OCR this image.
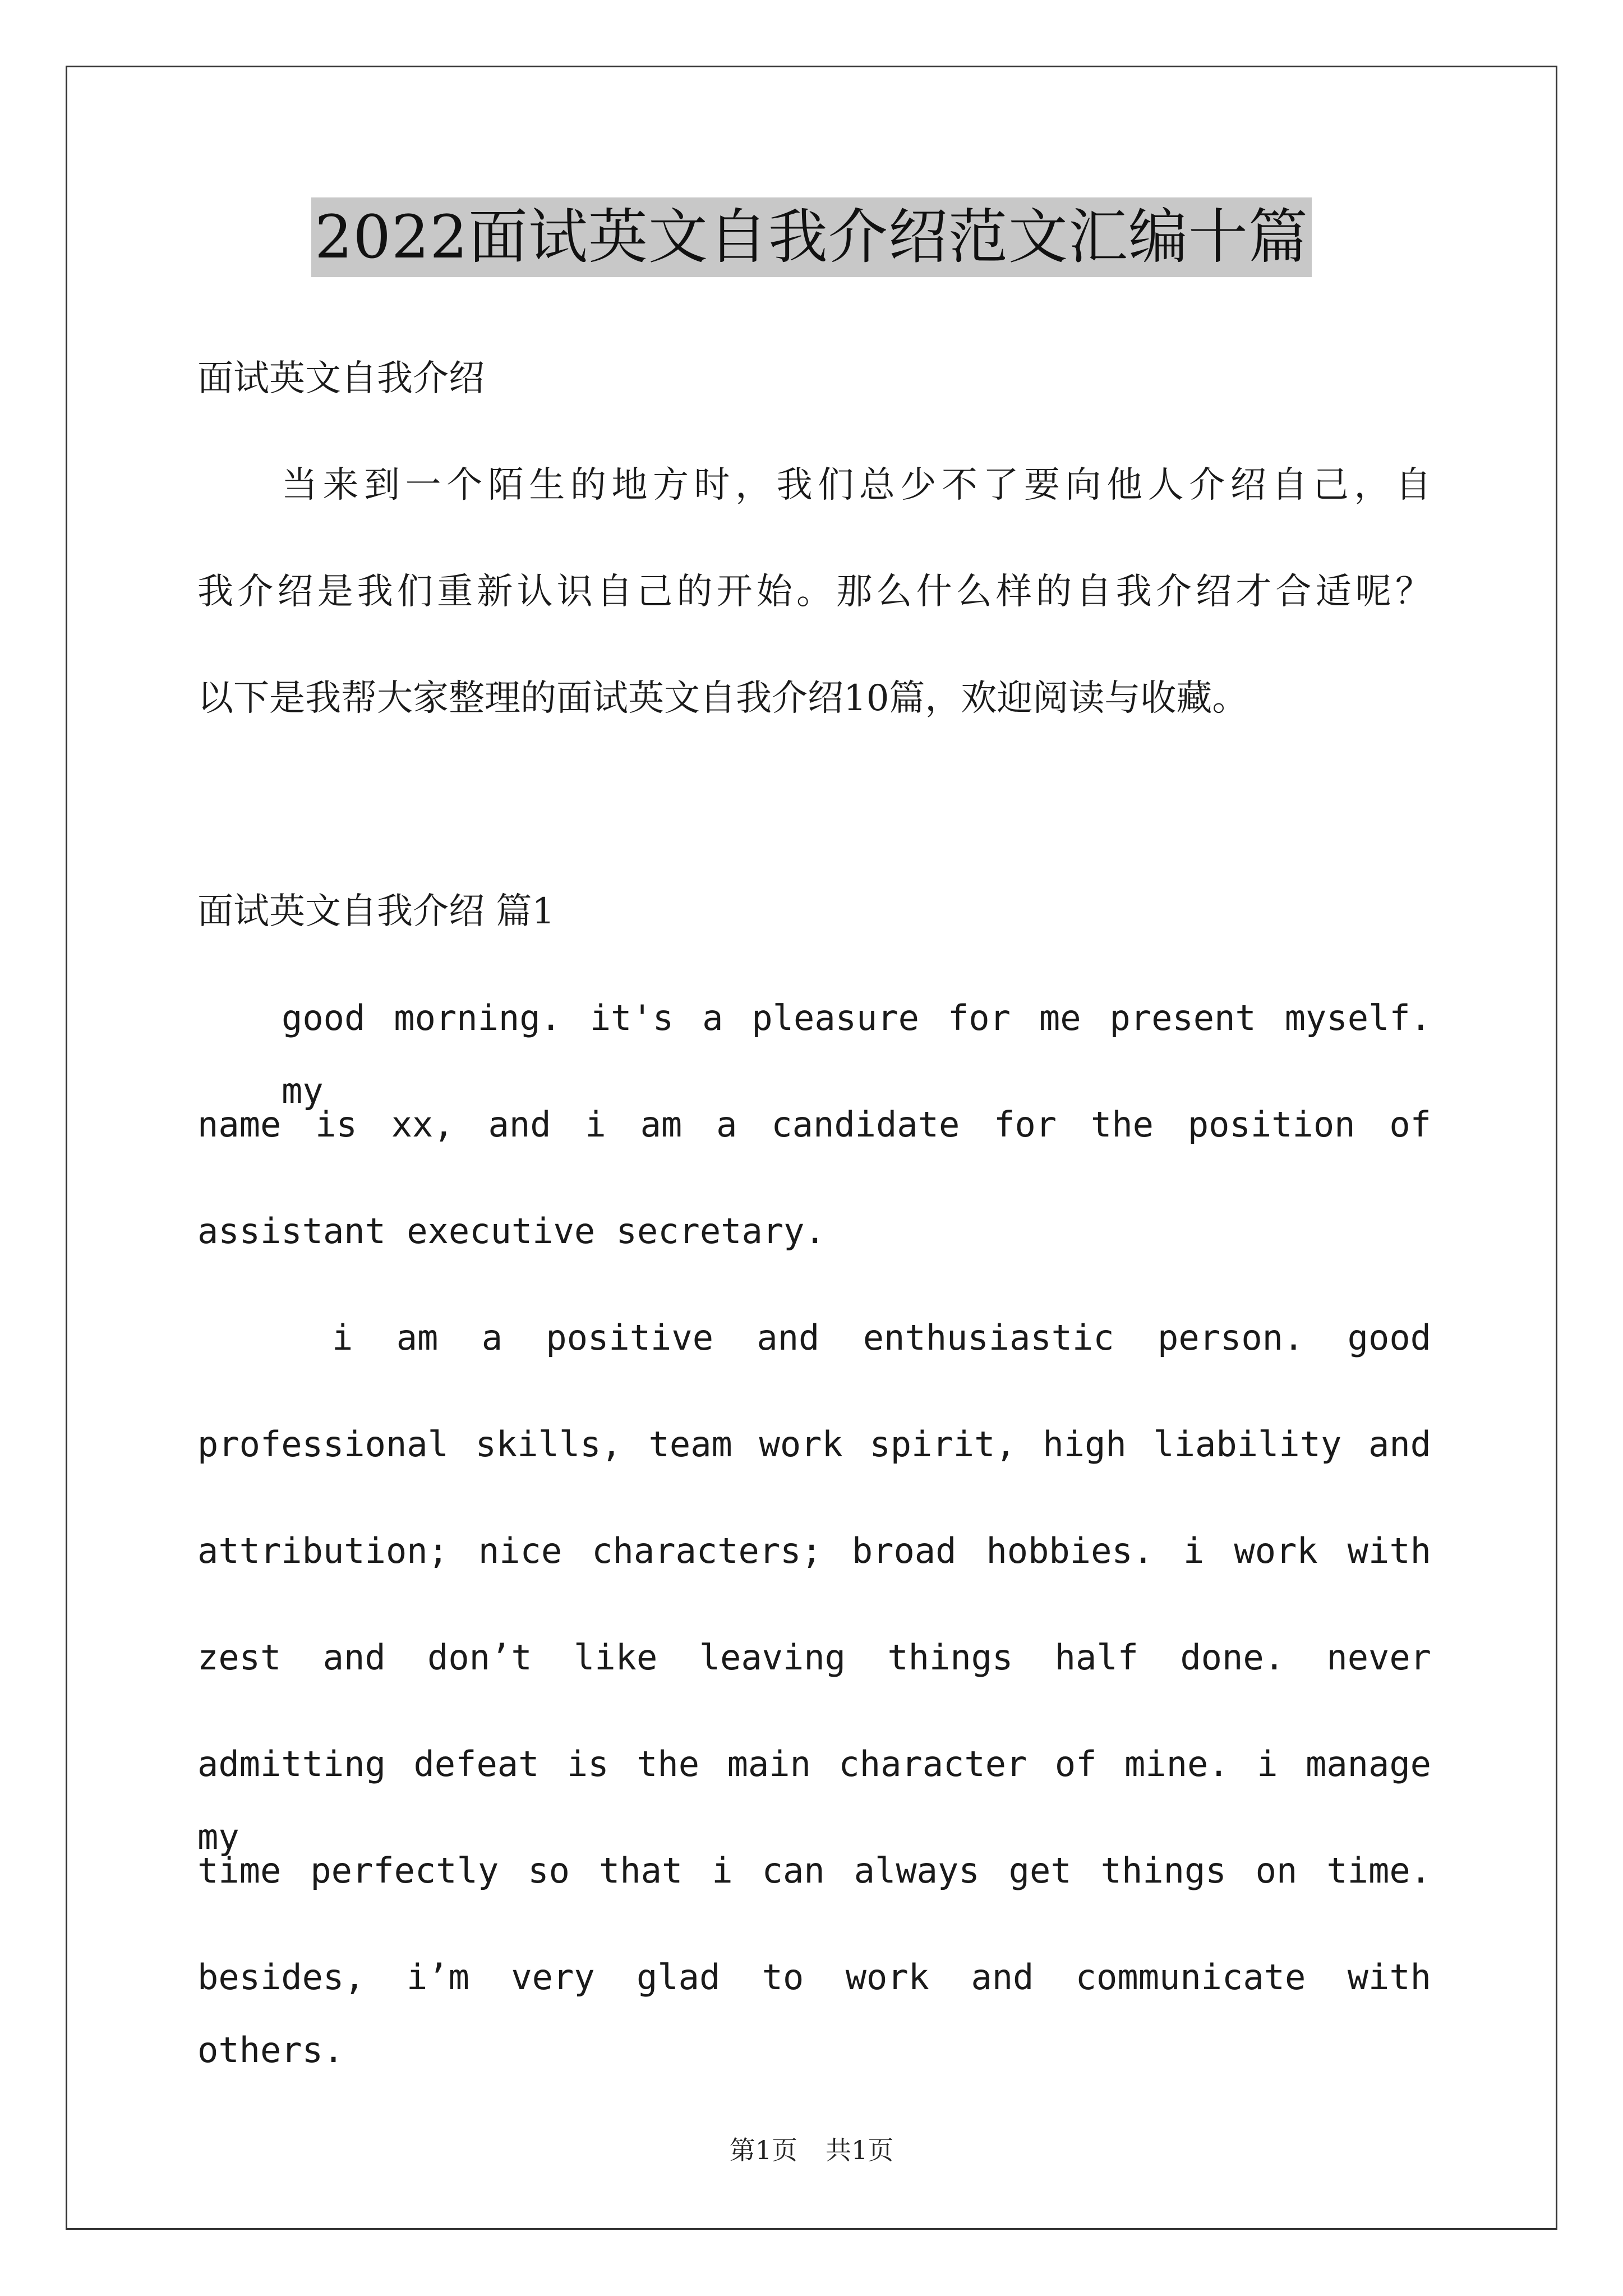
2022面试英文自我介绍范文汇编十篇
面试英文自我介绍
当来到一个陌生的地方时，我们总少不了要向他人介绍自己，自
我介绍是我们重新认识自己的开始。那么什么样的自我介绍才合适呢？
以下是我帮大家整理的面试英文自我介绍10篇，欢迎阅读与收藏。
面试英文自我介绍 篇1
good morning. it's a pleasure for me present myself. my
name is xx, and i am a candidate for the position of
assistant executive secretary.
i am a positive and enthusiastic person. good
professional skills, team work spirit, high liability and
attribution; nice characters; broad hobbies. i work with
zest and don’t like leaving things half done. never
admitting defeat is the main character of mine. i manage my
time perfectly so that i can always get things on time.
besides, i’m very glad to work and communicate with others.
第1页 共1页
